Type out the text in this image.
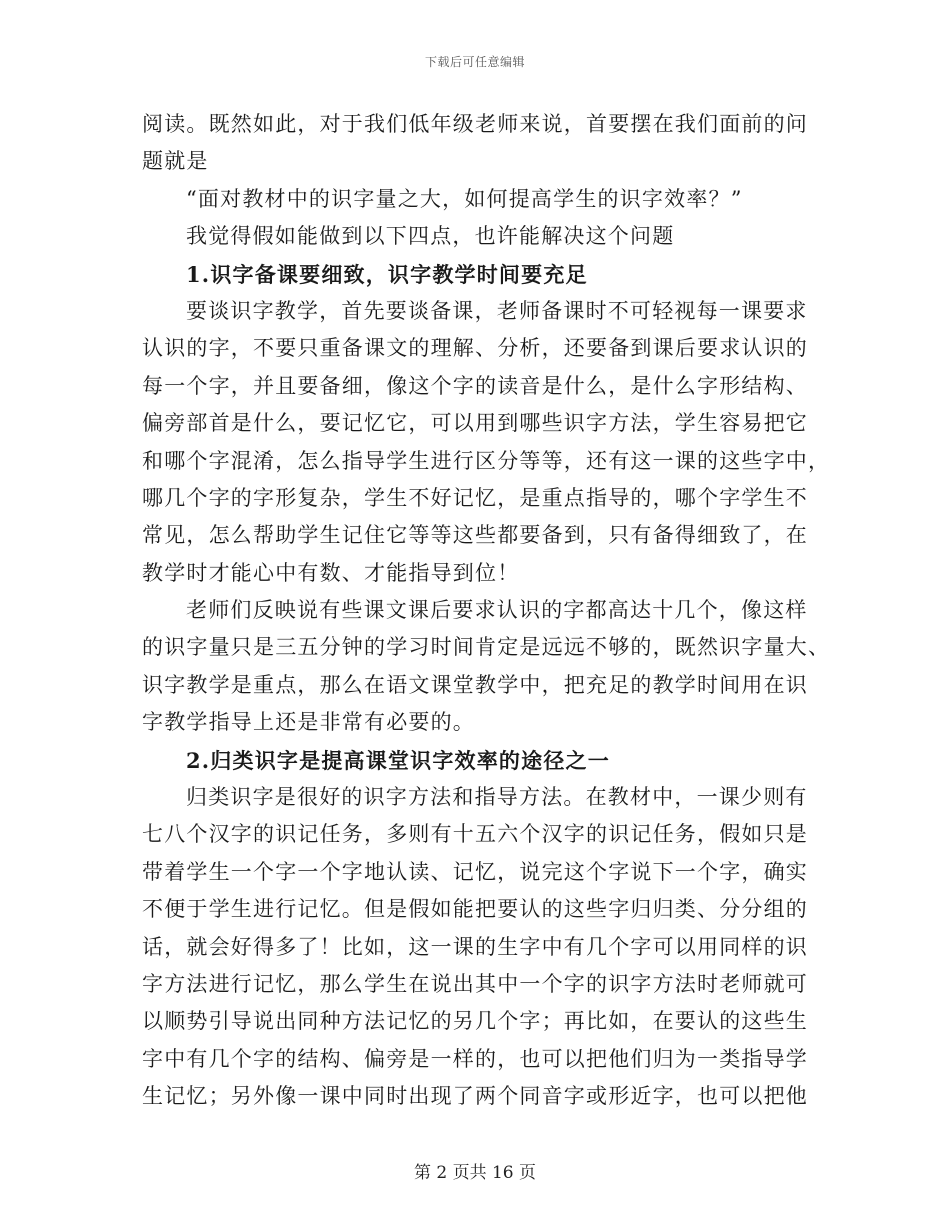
下载后可任意编辑
阅读。既然如此，对于我们低年级老师来说，首要摆在我们面前的问
题就是
“面对教材中的识字量之大，如何提高学生的识字效率？”
我觉得假如能做到以下四点，也许能解决这个问题
1.识字备课要细致，识字教学时间要充足
要谈识字教学，首先要谈备课，老师备课时不可轻视每一课要求
认识的字，不要只重备课文的理解、分析，还要备到课后要求认识的
每一个字，并且要备细，像这个字的读音是什么，是什么字形结构、
偏旁部首是什么，要记忆它，可以用到哪些识字方法，学生容易把它
和哪个字混淆，怎么指导学生进行区分等等，还有这一课的这些字中，
哪几个字的字形复杂，学生不好记忆，是重点指导的，哪个字学生不
常见，怎么帮助学生记住它等等这些都要备到，只有备得细致了，在
教学时才能心中有数、才能指导到位！
老师们反映说有些课文课后要求认识的字都高达十几个，像这样
的识字量只是三五分钟的学习时间肯定是远远不够的，既然识字量大、
识字教学是重点，那么在语文课堂教学中，把充足的教学时间用在识
字教学指导上还是非常有必要的。
2.归类识字是提高课堂识字效率的途径之一
归类识字是很好的识字方法和指导方法。在教材中，一课少则有
七八个汉字的识记任务，多则有十五六个汉字的识记任务，假如只是
带着学生一个字一个字地认读、记忆，说完这个字说下一个字，确实
不便于学生进行记忆。但是假如能把要认的这些字归归类、分分组的
话，就会好得多了！比如，这一课的生字中有几个字可以用同样的识
字方法进行记忆，那么学生在说出其中一个字的识字方法时老师就可
以顺势引导说出同种方法记忆的另几个字；再比如，在要认的这些生
字中有几个字的结构、偏旁是一样的，也可以把他们归为一类指导学
生记忆；另外像一课中同时出现了两个同音字或形近字，也可以把他
第 2 页共 16 页
